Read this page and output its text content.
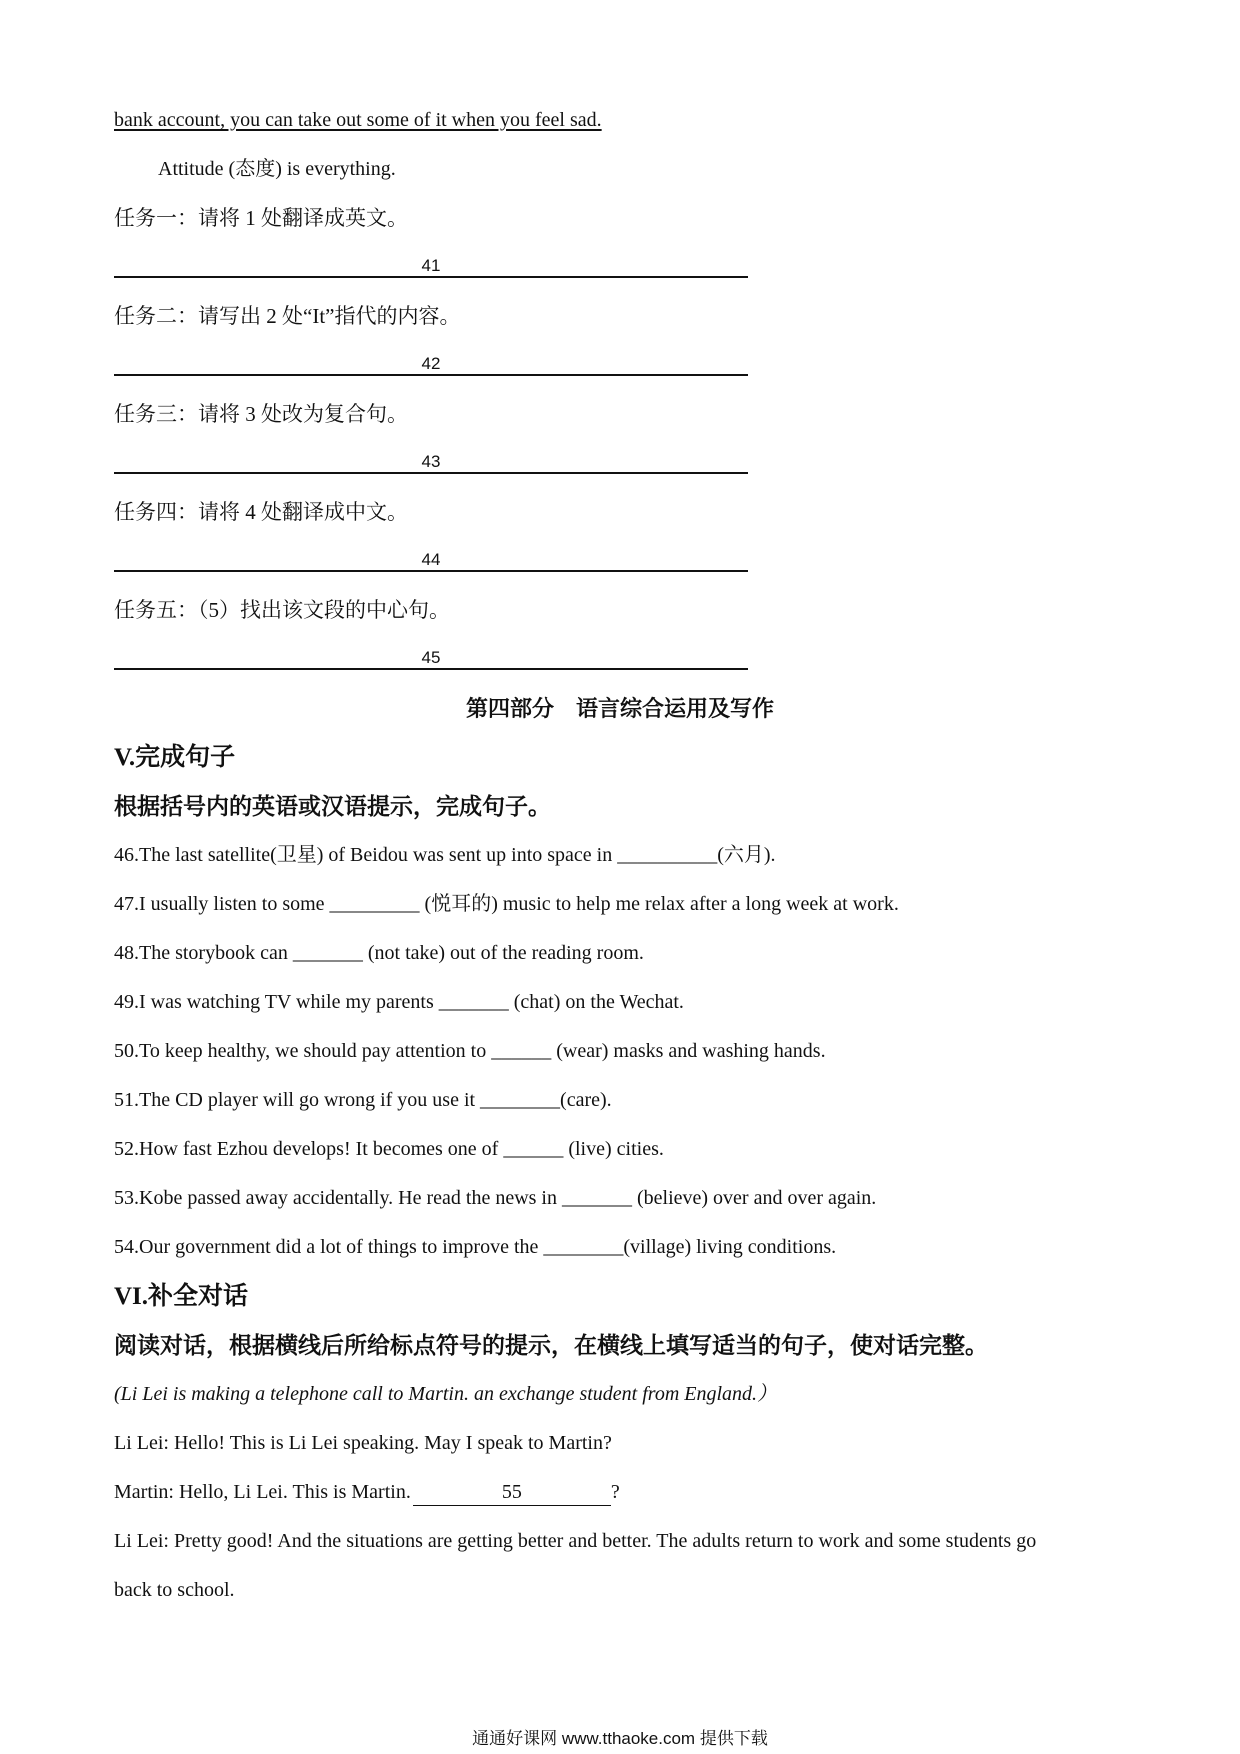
bank account, you can take out some of it when you feel sad.
Attitude (态度) is everything.
任务一：请将 1 处翻译成英文。
41
任务二：请写出 2 处“It”指代的内容。
42
任务三：请将 3 处改为复合句。
43
任务四：请将 4 处翻译成中文。
44
任务五：（5）找出该文段的中心句。
45
第四部分　语言综合运用及写作
V.完成句子
根据括号内的英语或汉语提示，完成句子。
46.The last satellite(卫星) of Beidou was sent up into space in __________(六月).
47.I usually listen to some _________ (悦耳的) music to help me relax after a long week at work.
48.The storybook can _______ (not take) out of the reading room.
49.I was watching TV while my parents _______ (chat) on the Wechat.
50.To keep healthy, we should pay attention to ______ (wear) masks and washing hands.
51.The CD player will go wrong if you use it ________(care).
52.How fast Ezhou develops! It becomes one of ______ (live) cities.
53.Kobe passed away accidentally. He read the news in _______ (believe) over and over again.
54.Our government did a lot of things to improve the ________(village) living conditions.
VI.补全对话
阅读对话，根据横线后所给标点符号的提示，在横线上填写适当的句子，使对话完整。
(Li Lei is making a telephone call to Martin. an exchange student from England.）
Li Lei: Hello! This is Li Lei speaking. May I speak to Martin?
Martin: Hello, Li Lei. This is Martin.	55	?
Li Lei: Pretty good! And the situations are getting better and better. The adults return to work and some students go
back to school.
通通好课网 www.tthaoke.com 提供下载
